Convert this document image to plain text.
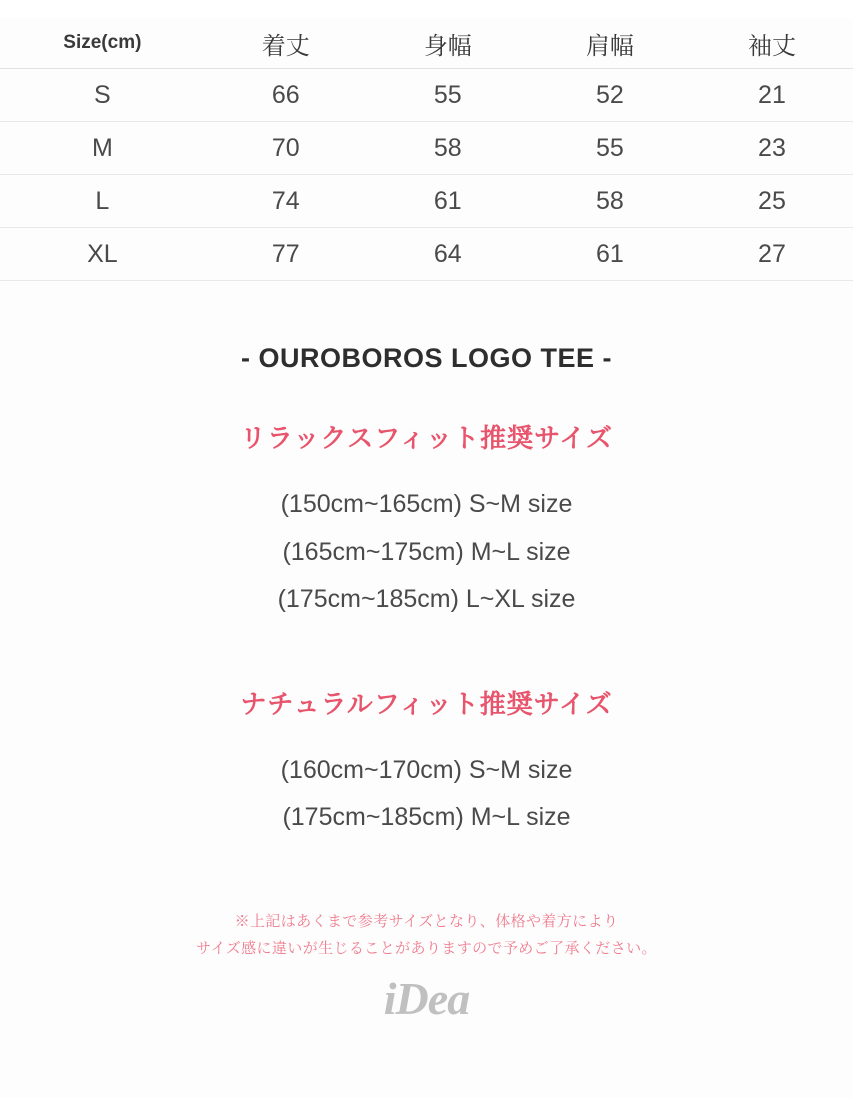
Size(cm)	着丈	身幅	肩幅	袖丈
S	66	55	52	21
M	70	58	55	23
L	74	61	58	25
XL	77	64	61	27
- OUROBOROS LOGO TEE -
リラックスフィット推奨サイズ
(150cm~165cm) S~M size
(165cm~175cm) M~L size
(175cm~185cm) L~XL size
ナチュラルフィット推奨サイズ
(160cm~170cm) S~M size
(175cm~185cm) M~L size
※上記はあくまで参考サイズとなり、体格や着方により
サイズ感に違いが生じることがありますので予めご了承ください。
iDea
